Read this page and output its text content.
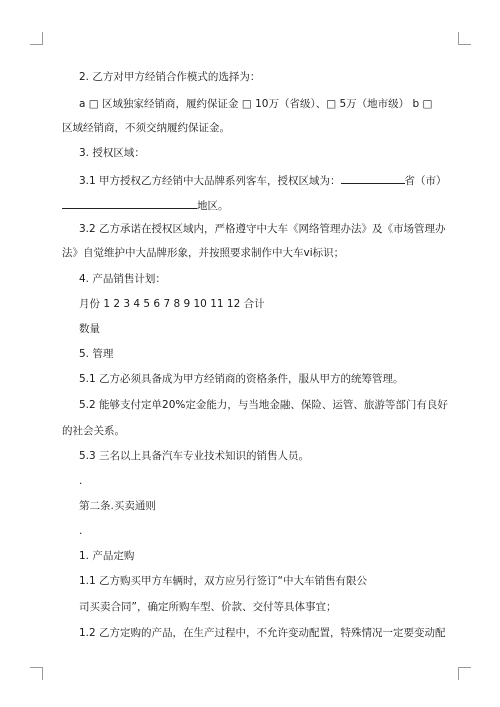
2. 乙方对甲方经销合作模式的选择为：
a □ 区域独家经销商，履约保证金 □ 10万（省级）、□ 5万（地市级） b □
区域经销商，不须交纳履约保证金。
3. 授权区域：
3.1 甲方授权乙方经销中大品牌系列客车，授权区域为：	省（市）
地区。
3.2 乙方承诺在授权区域内，严格遵守中大车《网络管理办法》及《市场管理办
法》自觉维护中大品牌形象，并按照要求制作中大车vi标识；
4. 产品销售计划：
月份 1 2 3 4 5 6 7 8 9 10 11 12 合计
数量
5. 管理
5.1 乙方必须具备成为甲方经销商的资格条件，服从甲方的统筹管理。
5.2 能够支付定单20%定金能力，与当地金融、保险、运管、旅游等部门有良好
的社会关系。
5.3 三名以上具备汽车专业技术知识的销售人员。
.
第二条.买卖通则
.
1. 产品定购
1.1 乙方购买甲方车辆时，双方应另行签订“中大车销售有限公
司买卖合同”，确定所购车型、价款、交付等具体事宜；
1.2 乙方定购的产品，在生产过程中，不允许变动配置，特殊情况一定要变动配
